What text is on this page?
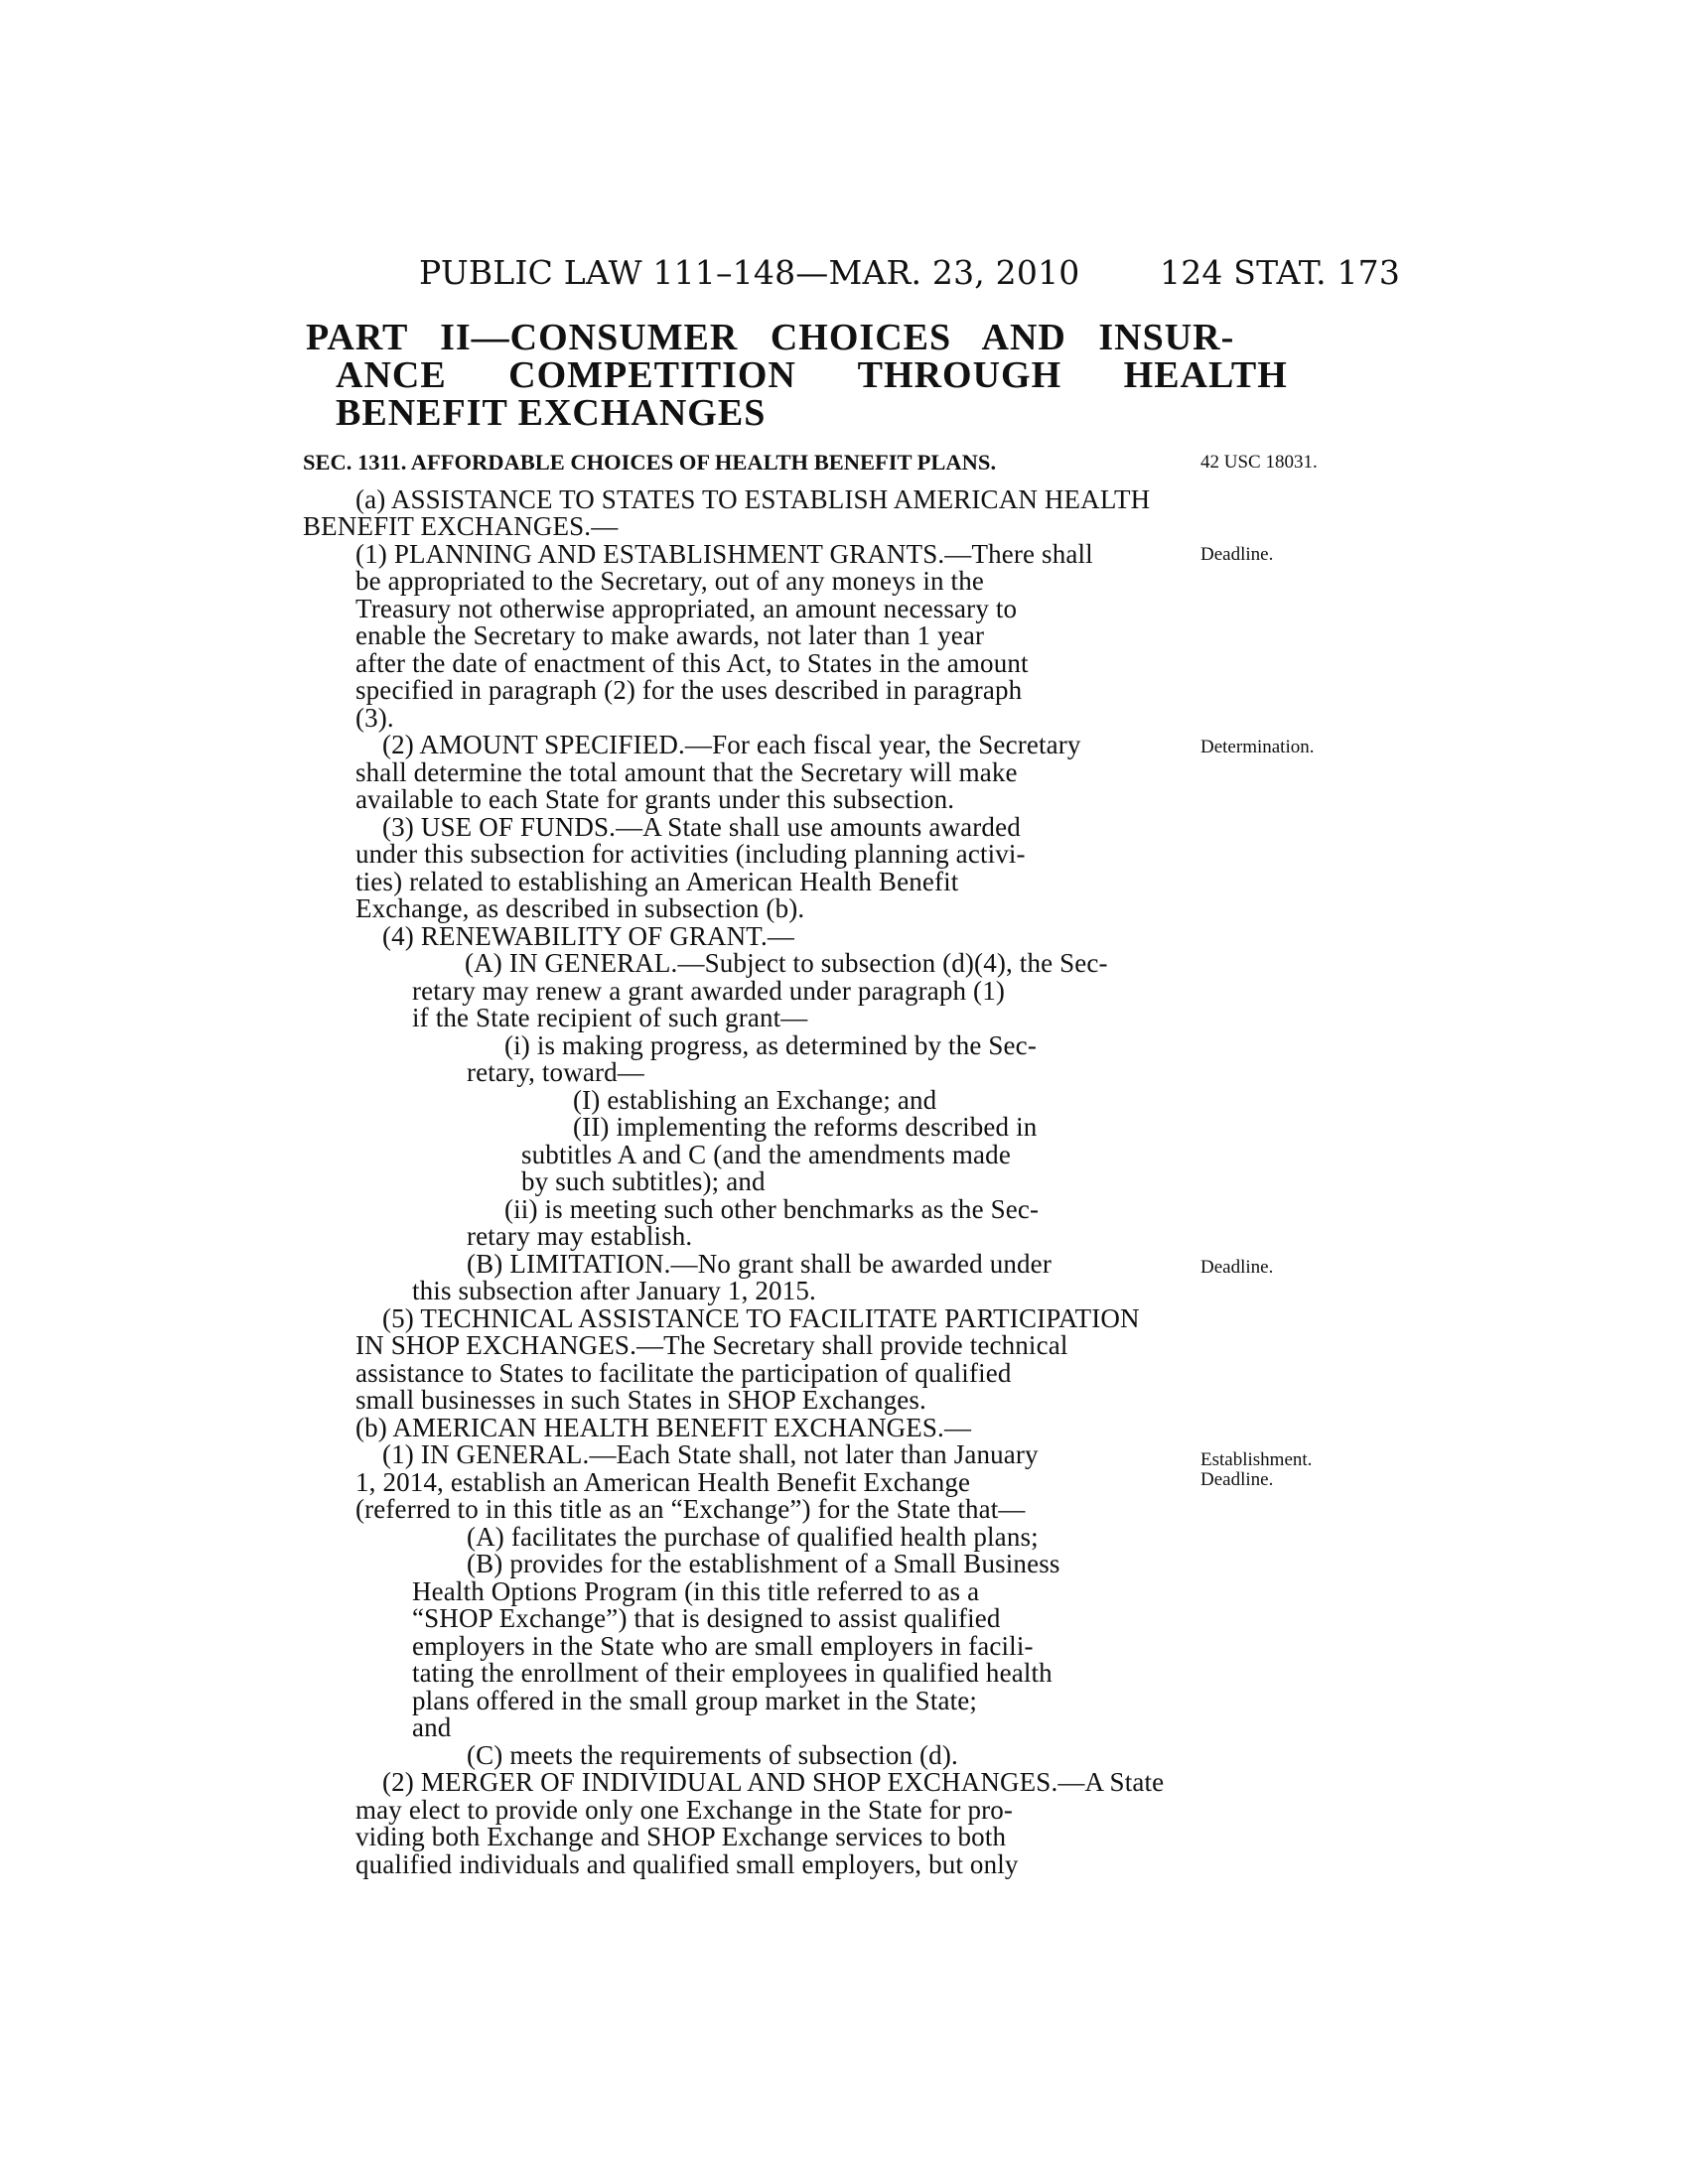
PUBLIC LAW 111–148—MAR. 23, 2010 124 STAT. 173
PART II—CONSUMER CHOICES AND INSUR-
ANCE COMPETITION THROUGH HEALTH
BENEFIT EXCHANGES
SEC. 1311. AFFORDABLE CHOICES OF HEALTH BENEFIT PLANS.	42 USC 18031.
Deadline.
Determination.
Deadline.
Establishment.
Deadline.
(a) ASSISTANCE TO STATES TO ESTABLISH AMERICAN HEALTH
BENEFIT EXCHANGES.—
(1) PLANNING AND ESTABLISHMENT GRANTS.—There shall
be appropriated to the Secretary, out of any moneys in the
Treasury not otherwise appropriated, an amount necessary to
enable the Secretary to make awards, not later than 1 year
after the date of enactment of this Act, to States in the amount
specified in paragraph (2) for the uses described in paragraph
(3).
(2) AMOUNT SPECIFIED.—For each fiscal year, the Secretary
shall determine the total amount that the Secretary will make
available to each State for grants under this subsection.
(3) USE OF FUNDS.—A State shall use amounts awarded
under this subsection for activities (including planning activi-
ties) related to establishing an American Health Benefit
Exchange, as described in subsection (b).
(4) RENEWABILITY OF GRANT.—
(A) IN GENERAL.—Subject to subsection (d)(4), the Sec-
retary may renew a grant awarded under paragraph (1)
if the State recipient of such grant—
(i) is making progress, as determined by the Sec-
retary, toward—
(I) establishing an Exchange; and
(II) implementing the reforms described in
subtitles A and C (and the amendments made
by such subtitles); and
(ii) is meeting such other benchmarks as the Sec-
retary may establish.
(B) LIMITATION.—No grant shall be awarded under
this subsection after January 1, 2015.
(5) TECHNICAL ASSISTANCE TO FACILITATE PARTICIPATION
IN SHOP EXCHANGES.—The Secretary shall provide technical
assistance to States to facilitate the participation of qualified
small businesses in such States in SHOP Exchanges.
(b) AMERICAN HEALTH BENEFIT EXCHANGES.—
(1) IN GENERAL.—Each State shall, not later than January
1, 2014, establish an American Health Benefit Exchange
(referred to in this title as an “Exchange”) for the State that—
(A) facilitates the purchase of qualified health plans;
(B) provides for the establishment of a Small Business
Health Options Program (in this title referred to as a
“SHOP Exchange”) that is designed to assist qualified
employers in the State who are small employers in facili-
tating the enrollment of their employees in qualified health
plans offered in the small group market in the State;
and
(C) meets the requirements of subsection (d).
(2) MERGER OF INDIVIDUAL AND SHOP EXCHANGES.—A State
may elect to provide only one Exchange in the State for pro-
viding both Exchange and SHOP Exchange services to both
qualified individuals and qualified small employers, but only
